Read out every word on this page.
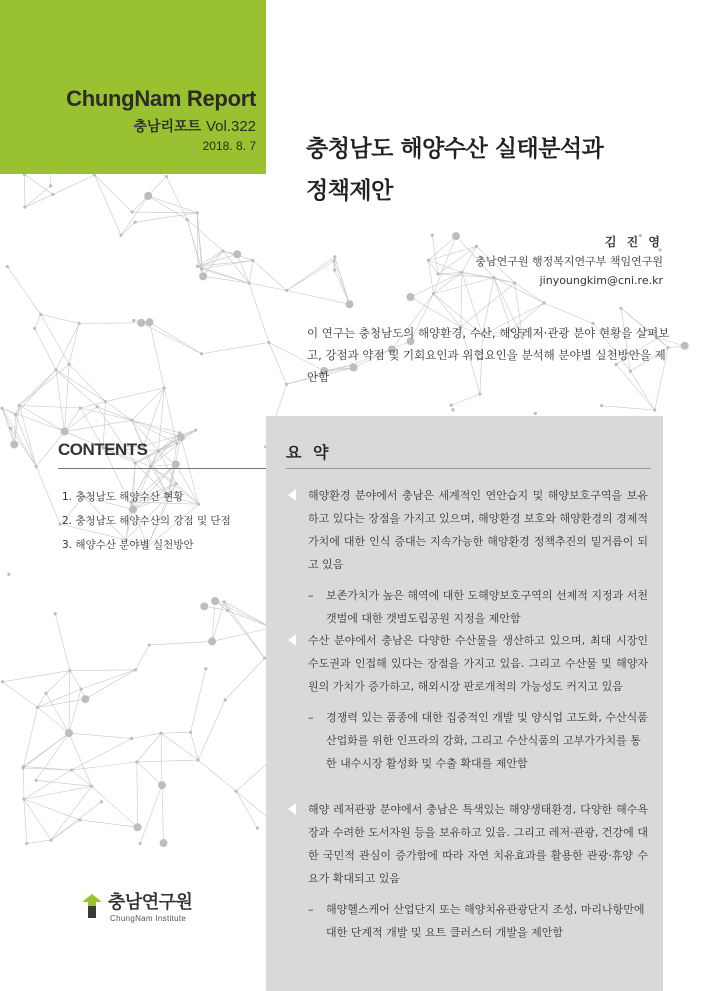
ChungNam Report
충남리포트 Vol.322
2018. 8. 7 충청남도 해양수산 실태분석과
정책제안
김 진 영
충남연구원 행정복지연구부 책임연구원
jinyoungkim@cni.re.kr
이 연구는 충청남도의 해양환경, 수산, 해양레저·관광 분야 현황을 살펴보고, 강점과 약점 및 기회요인과 위협요인을 분석해 분야별 실천방안을 제안함
CONTENTS
1. 충청남도 해양수산 현황
2. 충청남도 해양수산의 강점 및 단점
3. 해양수산 분야별 실천방안
요 약
해양환경 분야에서 충남은 세계적인 연안습지 및 해양보호구역을 보유하고 있다는 장점을 가지고 있으며, 해양환경 보호와 해양환경의 경제적 가치에 대한 인식 증대는 지속가능한 해양환경 정책추진의 밑거름이 되고 있음
– 보존가치가 높은 해역에 대한 도해양보호구역의 선제적 지정과 서천 갯벌에 대한 갯벌도립공원 지정을 제안함
수산 분야에서 충남은 다양한 수산물을 생산하고 있으며, 최대 시장인 수도권과 인접해 있다는 장점을 가지고 있음. 그리고 수산물 및 해양자원의 가치가 증가하고, 해외시장 판로개척의 가능성도 커지고 있음
– 경쟁력 있는 품종에 대한 집중적인 개발 및 양식업 고도화, 수산식품 산업화를 위한 인프라의 강화, 그리고 수산식품의 고부가가치를 통한 내수시장 활성화 및 수출 확대를 제안함
해양 레저관광 분야에서 충남은 특색있는 해양생태환경, 다양한 해수욕장과 수려한 도서자원 등을 보유하고 있음. 그리고 레저·관광, 건강에 대한 국민적 관심이 증가함에 따라 자연 치유효과를 활용한 관광·휴양 수요가 확대되고 있음
– 해양헬스케어 산업단지 또는 해양치유관광단지 조성, 마리나항만에 대한 단계적 개발 및 요트 클러스터 개발을 제안함
충남연구원
ChungNam Institute
